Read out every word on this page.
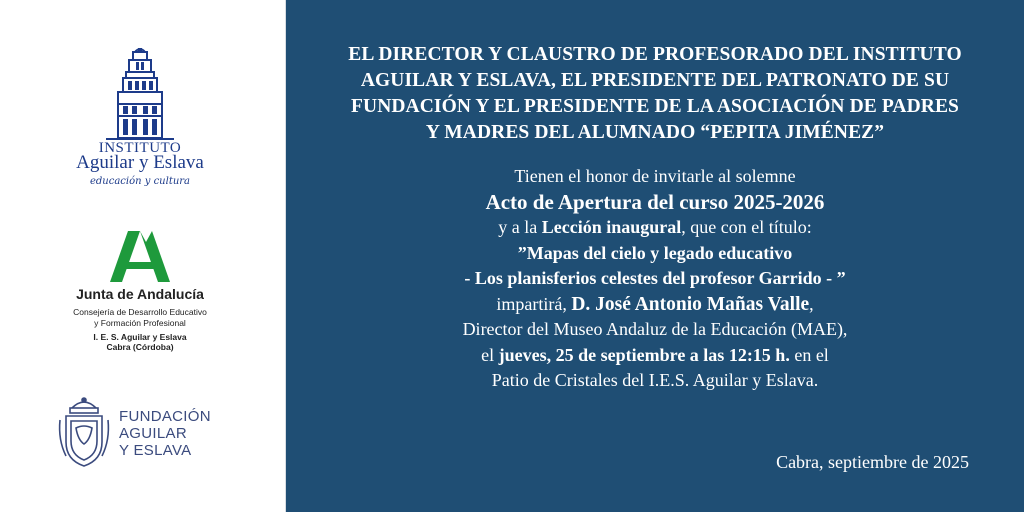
INSTITUTO
Aguilar y Eslava
educación y cultura
Junta de Andalucía
Consejería de Desarrollo Educativo
y Formación Profesional
I. E. S. Aguilar y Eslava
Cabra (Córdoba)
FUNDACIÓN
AGUILAR
Y ESLAVA
EL DIRECTOR Y CLAUSTRO DE PROFESORADO DEL INSTITUTO
AGUILAR Y ESLAVA, EL PRESIDENTE DEL PATRONATO DE SU
FUNDACIÓN Y EL PRESIDENTE DE LA ASOCIACIÓN DE PADRES
Y MADRES DEL ALUMNADO “PEPITA JIMÉNEZ”
Tienen el honor de invitarle al solemne
Acto de Apertura del curso 2025-2026
y a la Lección inaugural, que con el título:
”Mapas del cielo y legado educativo
- Los planisferios celestes del profesor Garrido - ”
impartirá, D. José Antonio Mañas Valle,
Director del Museo Andaluz de la Educación (MAE),
el jueves, 25 de septiembre a las 12:15 h. en el
Patio de Cristales del I.E.S. Aguilar y Eslava.
Cabra, septiembre de 2025
